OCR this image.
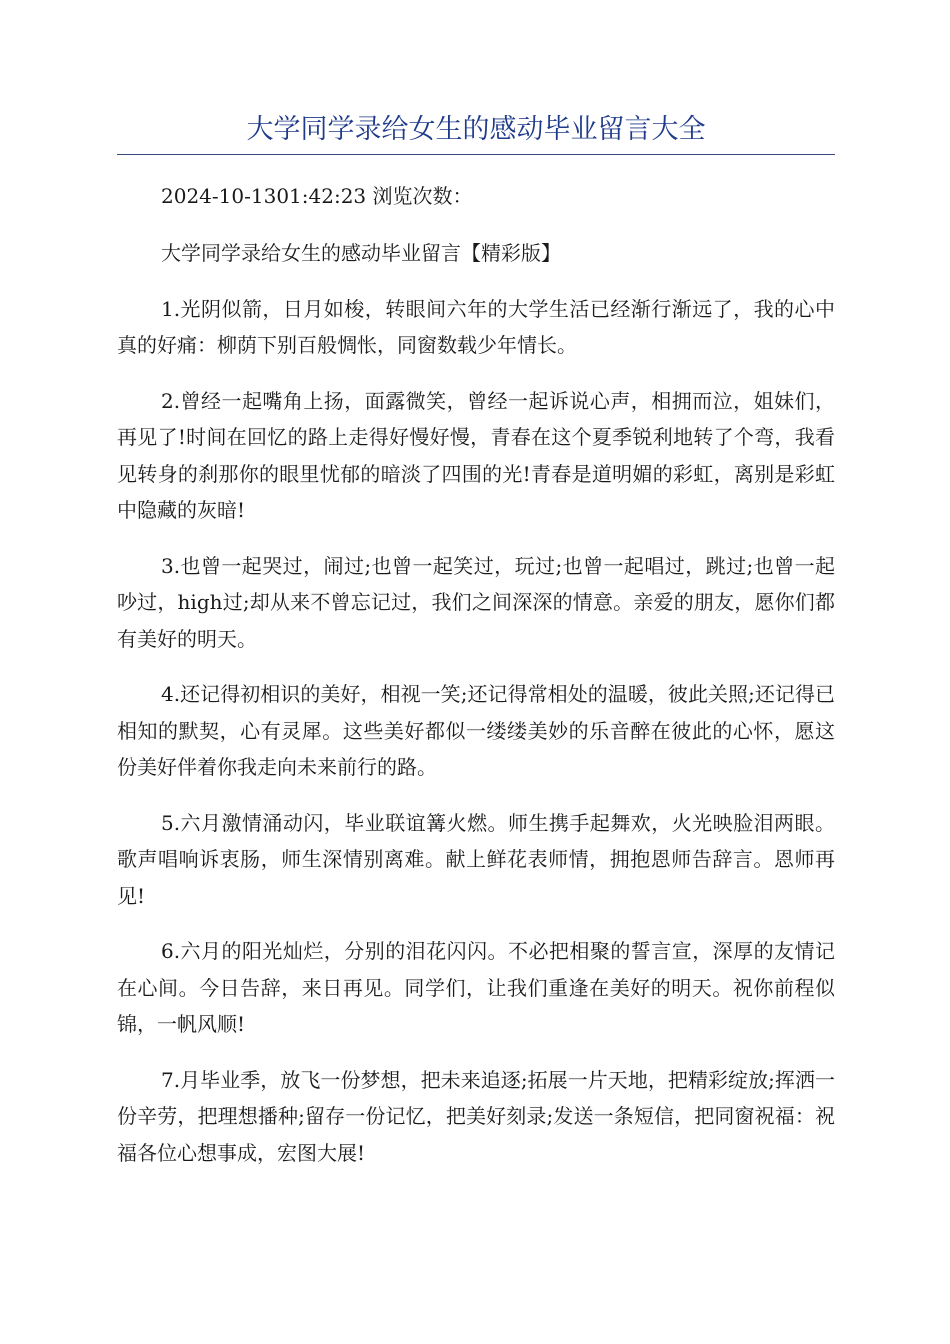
大学同学录给女生的感动毕业留言大全

2024-10-1301:42:23 浏览次数：

大学同学录给女生的感动毕业留言【精彩版】

1.光阴似箭，日月如梭，转眼间六年的大学生活已经渐行渐远了，我的心中真的好痛：柳荫下别百般惆怅，同窗数载少年情长。

2.曾经一起嘴角上扬，面露微笑，曾经一起诉说心声，相拥而泣，姐妹们，再见了!时间在回忆的路上走得好慢好慢，青春在这个夏季锐利地转了个弯，我看见转身的刹那你的眼里忧郁的暗淡了四围的光!青春是道明媚的彩虹，离别是彩虹中隐藏的灰暗!

3.也曾一起哭过，闹过;也曾一起笑过，玩过;也曾一起唱过，跳过;也曾一起吵过，high过;却从来不曾忘记过，我们之间深深的情意。亲爱的朋友，愿你们都有美好的明天。

4.还记得初相识的美好，相视一笑;还记得常相处的温暖，彼此关照;还记得已相知的默契，心有灵犀。这些美好都似一缕缕美妙的乐音醉在彼此的心怀，愿这份美好伴着你我走向未来前行的路。

5.六月激情涌动闪，毕业联谊篝火燃。师生携手起舞欢，火光映脸泪两眼。歌声唱响诉衷肠，师生深情别离难。献上鲜花表师情，拥抱恩师告辞言。恩师再见!

6.六月的阳光灿烂，分别的泪花闪闪。不必把相聚的誓言宣，深厚的友情记在心间。今日告辞，来日再见。同学们，让我们重逢在美好的明天。祝你前程似锦，一帆风顺!

7.月毕业季，放飞一份梦想，把未来追逐;拓展一片天地，把精彩绽放;挥洒一份辛劳，把理想播种;留存一份记忆，把美好刻录;发送一条短信，把同窗祝福：祝福各位心想事成，宏图大展!
